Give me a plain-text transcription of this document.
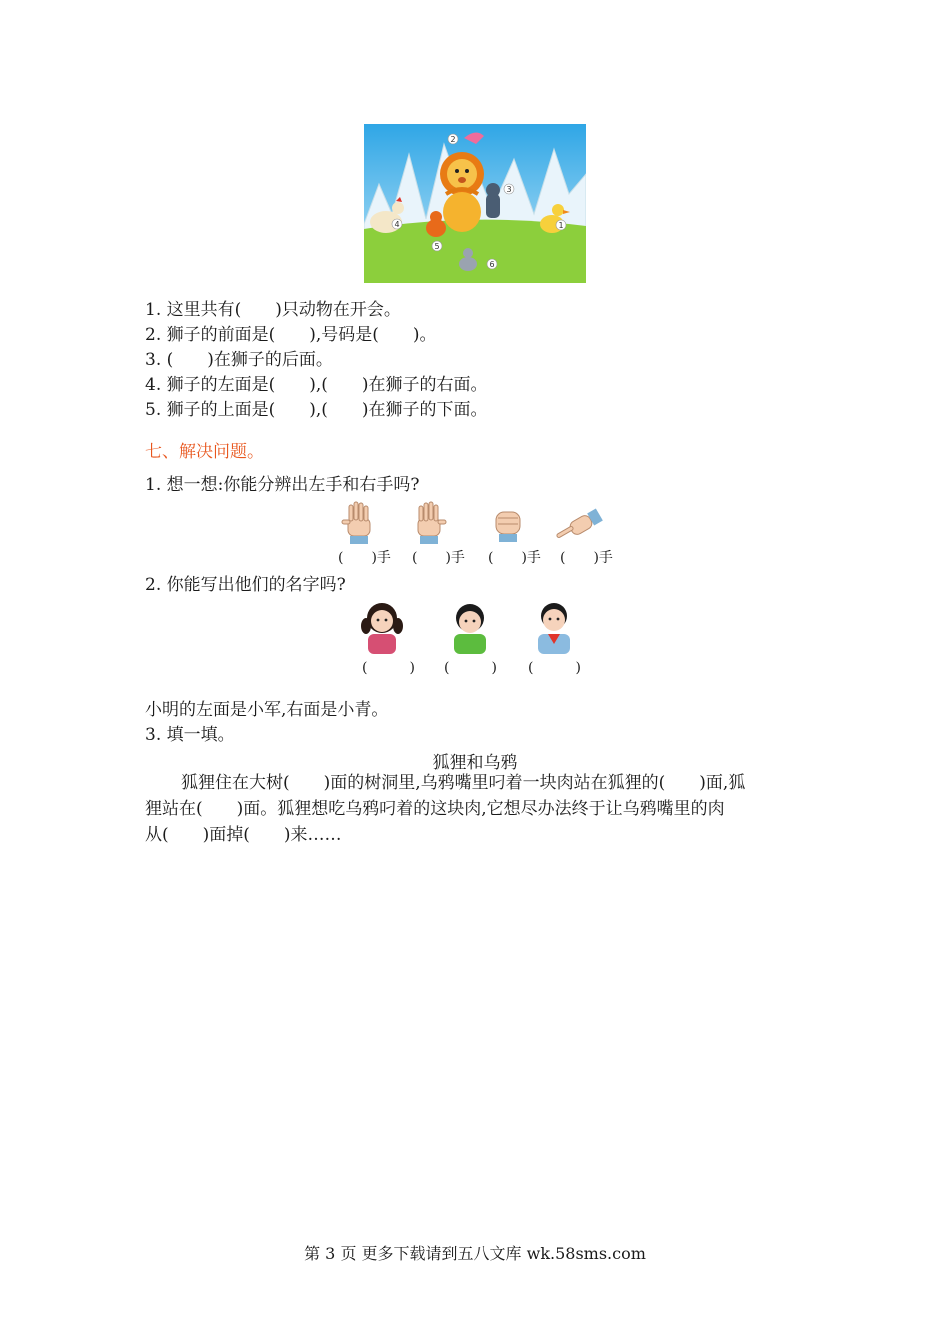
2
3
4	1
5
6
1. 这里共有(　　)只动物在开会。
2. 狮子的前面是(　　),号码是(　　)。
3. (　　)在狮子的后面。
4. 狮子的左面是(　　),(　　)在狮子的右面。
5. 狮子的上面是(　　),(　　)在狮子的下面。
七、解决问题。
1. 想一想:你能分辨出左手和右手吗?
(　　)手 (　　)手 (　　)手 (　　)手
2. 你能写出他们的名字吗?
(　　　) (　　　) (　　　)
小明的左面是小军,右面是小青。
3. 填一填。
狐狸和乌鸦
狐狸住在大树(　　)面的树洞里,乌鸦嘴里叼着一块肉站在狐狸的(　　)面,狐
狸站在(　　)面。狐狸想吃乌鸦叼着的这块肉,它想尽办法终于让乌鸦嘴里的肉
从(　　)面掉(　　)来……
第 3 页 更多下载请到五八文库 wk.58sms.com
